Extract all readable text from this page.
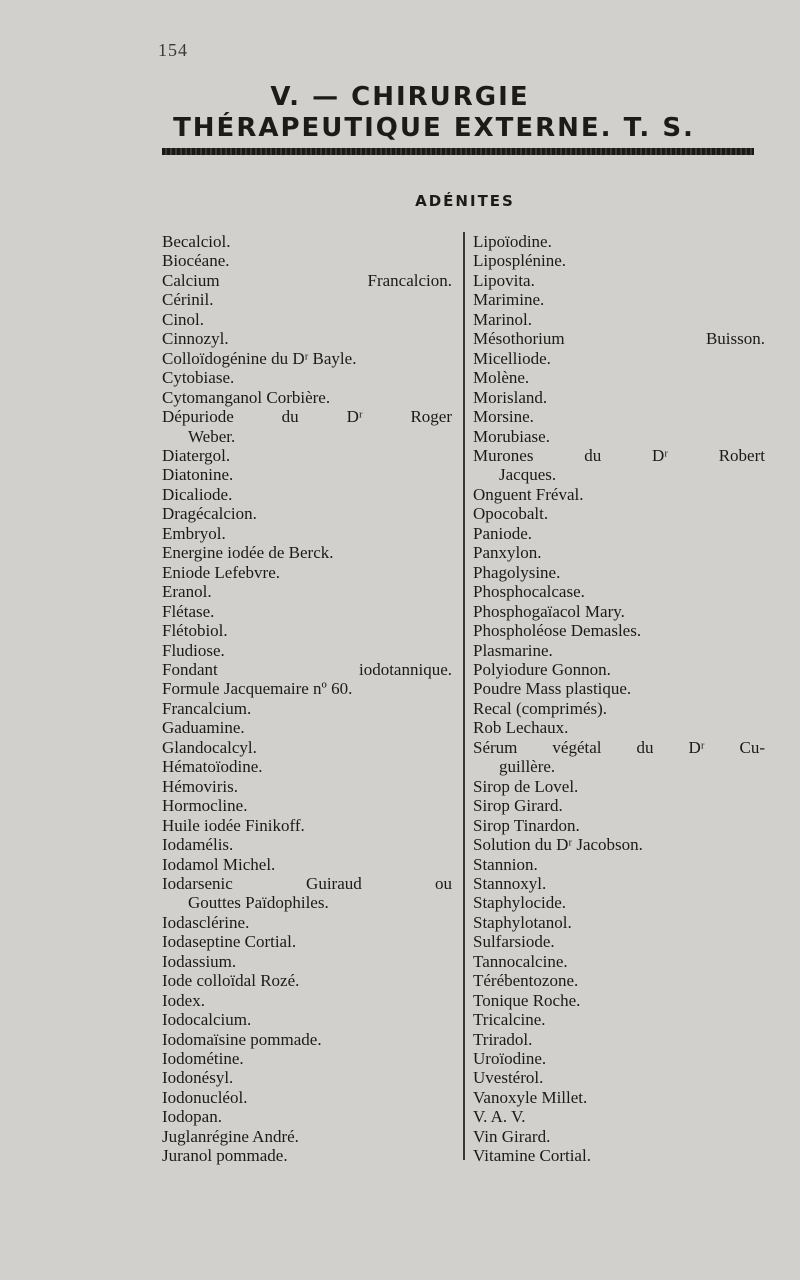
154
V. — CHIRURGIE
THÉRAPEUTIQUE EXTERNE. T. S.
ADÉNITES
Becalciol.
Biocéane.
Calcium Francalcion.
Cérinil.
Cinol.
Cinnozyl.
Colloïdogénine du Dʳ Bayle.
Cytobiase.
Cytomanganol Corbière.
Dépuriode du Dʳ Roger
Weber.
Diatergol.
Diatonine.
Dicaliode.
Dragécalcion.
Embryol.
Energine iodée de Berck.
Eniode Lefebvre.
Eranol.
Flétase.
Flétobiol.
Fludiose.
Fondant iodotannique.
Formule Jacquemaire nº 60.
Francalcium.
Gaduamine.
Glandocalcyl.
Hématoïodine.
Hémoviris.
Hormocline.
Huile iodée Finikoff.
Iodamélis.
Iodamol Michel.
Iodarsenic Guiraud ou
Gouttes Païdophiles.
Iodasclérine.
Iodaseptine Cortial.
Iodassium.
Iode colloïdal Rozé.
Iodex.
Iodocalcium.
Iodomaïsine pommade.
Iodométine.
Iodonésyl.
Iodonucléol.
Iodopan.
Juglanrégine André.
Juranol pommade.
Lipoïodine.
Liposplénine.
Lipovita.
Marimine.
Marinol.
Mésothorium Buisson.
Micelliode.
Molène.
Morisland.
Morsine.
Morubiase.
Murones du Dʳ Robert
Jacques.
Onguent Fréval.
Opocobalt.
Paniode.
Panxylon.
Phagolysine.
Phosphocalcase.
Phosphogaïacol Mary.
Phospholéose Demasles.
Plasmarine.
Polyiodure Gonnon.
Poudre Mass plastique.
Recal (comprimés).
Rob Lechaux.
Sérum végétal du Dʳ Cu-
guillère.
Sirop de Lovel.
Sirop Girard.
Sirop Tinardon.
Solution du Dʳ Jacobson.
Stannion.
Stannoxyl.
Staphylocide.
Staphylotanol.
Sulfarsiode.
Tannocalcine.
Térébentozone.
Tonique Roche.
Tricalcine.
Triradol.
Uroïodine.
Uvestérol.
Vanoxyle Millet.
V. A. V.
Vin Girard.
Vitamine Cortial.
